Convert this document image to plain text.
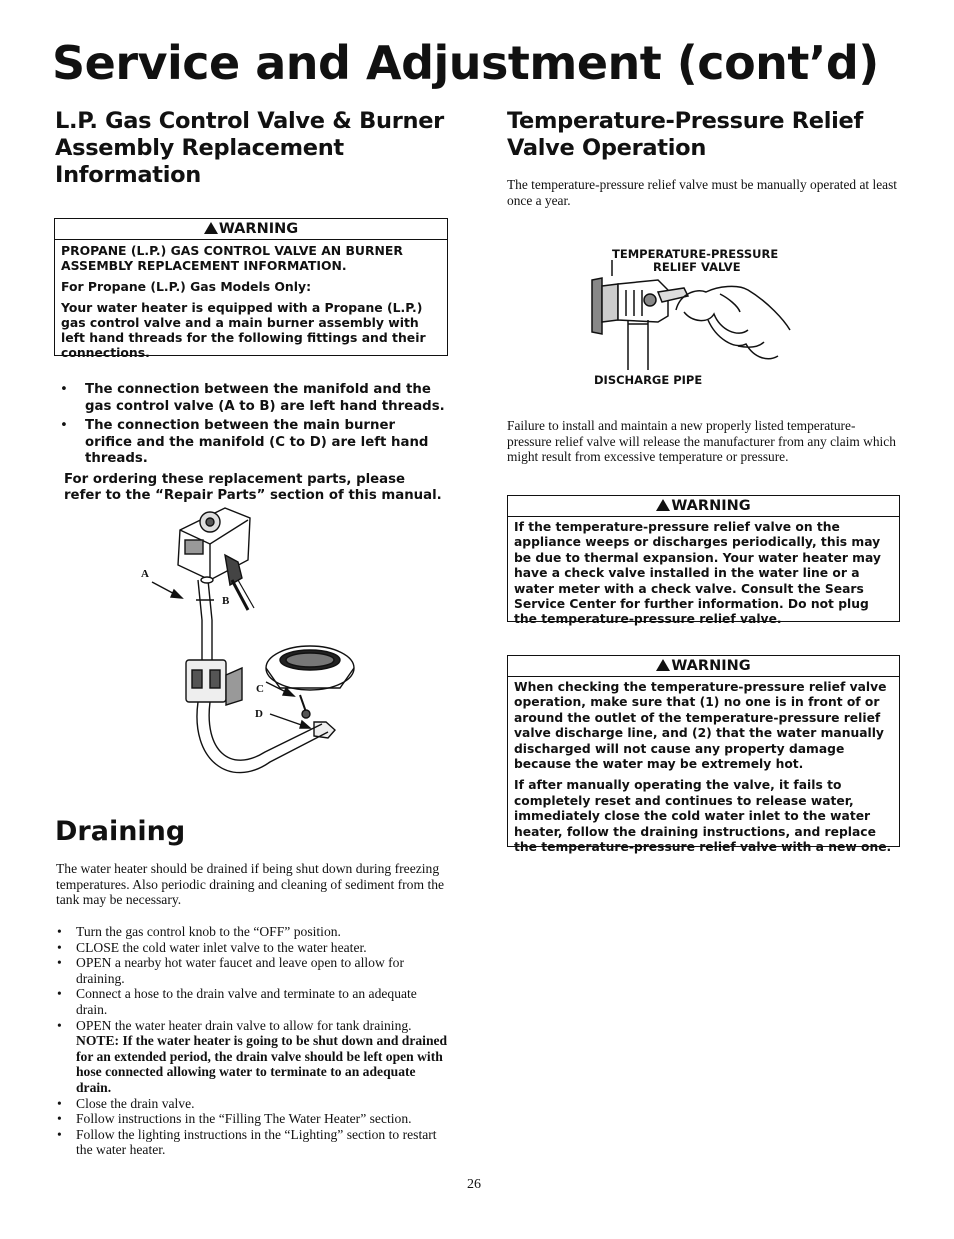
Service and Adjustment (cont’d)
L.P. Gas Control Valve & Burner
Assembly Replacement
Information
WARNING

PROPANE (L.P.) GAS CONTROL VALVE AN BURNER ASSEMBLY REPLACEMENT INFORMATION.

For Propane (L.P.) Gas Models Only:

Your water heater is equipped with a Propane (L.P.) gas control valve and a main burner assembly with left hand threads for the following fittings and their connections.

• The connection between the manifold and the gas control valve (A to B) are left hand threads.
• The connection between the main burner orifice and the manifold (C to D) are left hand threads.
For ordering these replacement parts, please refer to the “Repair Parts” section of this manual.
A
B
C
D
Draining
The water heater should be drained if being shut down during freezing temperatures. Also periodic draining and cleaning of sediment from the tank may be necessary.
• Turn the gas control knob to the “OFF” position.
• CLOSE the cold water inlet valve to the water heater.
• OPEN a nearby hot water faucet and leave open to allow for draining.
• Connect a hose to the drain valve and terminate to an adequate drain.
• OPEN the water heater drain valve to allow for tank draining.
NOTE: If the water heater is going to be shut down and drained for an extended period, the drain valve should be left open with hose connected allowing water to terminate to an adequate drain.
• Close the drain valve.
• Follow instructions in the “Filling The Water Heater” section.
• Follow the lighting instructions in the “Lighting” section to restart the water heater.
Temperature-Pressure Relief
Valve Operation
The temperature-pressure relief valve must be manually operated at least once a year.
TEMPERATURE-PRESSURE
RELIEF VALVE
DISCHARGE PIPE
Failure to install and maintain a new properly listed temperature-pressure relief valve will release the manufacturer from any claim which might result from excessive temperature or pressure.
WARNING

If the temperature-pressure relief valve on the appliance weeps or discharges periodically, this may be due to thermal expansion. Your water heater may have a check valve installed in the water line or a water meter with a check valve. Consult the Sears Service Center for further information. Do not plug the temperature-pressure relief valve.

WARNING

When checking the temperature-pressure relief valve operation, make sure that (1) no one is in front of or around the outlet of the temperature-pressure relief valve discharge line, and (2) that the water manually discharged will not cause any property damage because the water may be extremely hot.

If after manually operating the valve, it fails to completely reset and continues to release water, immediately close the cold water inlet to the water heater, follow the draining instructions, and replace the temperature-pressure relief valve with a new one.

26
